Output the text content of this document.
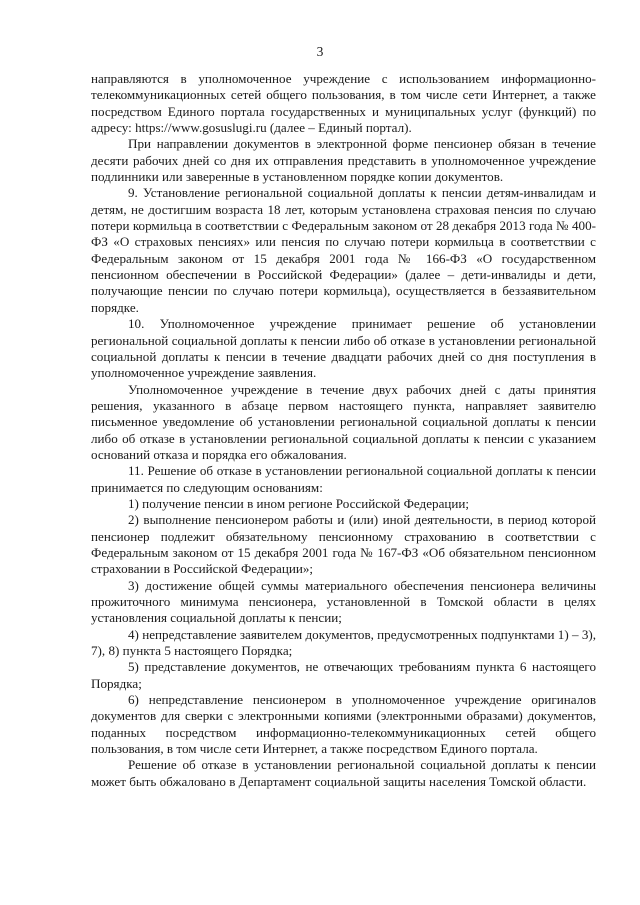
3

направляются в уполномоченное учреждение с использованием информационно-телекоммуникационных сетей общего пользования, в том числе сети Интернет, а также посредством Единого портала государственных и муниципальных услуг (функций) по адресу: https://www.gosuslugi.ru (далее – Единый портал).

При направлении документов в электронной форме пенсионер обязан в течение десяти рабочих дней со дня их отправления представить в уполномоченное учреждение подлинники или заверенные в установленном порядке копии документов.

9. Установление региональной социальной доплаты к пенсии детям-инвалидам и детям, не достигшим возраста 18 лет, которым установлена страховая пенсия по случаю потери кормильца в соответствии с Федеральным законом от 28 декабря 2013 года № 400-ФЗ «О страховых пенсиях» или пенсия по случаю потери кормильца в соответствии с Федеральным законом от 15 декабря 2001 года № 166-ФЗ «О государственном пенсионном обеспечении в Российской Федерации» (далее – дети-инвалиды и дети, получающие пенсии по случаю потери кормильца), осуществляется в беззаявительном порядке.

10. Уполномоченное учреждение принимает решение об установлении региональной социальной доплаты к пенсии либо об отказе в установлении региональной социальной доплаты к пенсии в течение двадцати рабочих дней со дня поступления в уполномоченное учреждение заявления.

Уполномоченное учреждение в течение двух рабочих дней с даты принятия решения, указанного в абзаце первом настоящего пункта, направляет заявителю письменное уведомление об установлении региональной социальной доплаты к пенсии либо об отказе в установлении региональной социальной доплаты к пенсии с указанием оснований отказа и порядка его обжалования.

11. Решение об отказе в установлении региональной социальной доплаты к пенсии принимается по следующим основаниям:

1) получение пенсии в ином регионе Российской Федерации;

2) выполнение пенсионером работы и (или) иной деятельности, в период которой пенсионер подлежит обязательному пенсионному страхованию в соответствии с Федеральным законом от 15 декабря 2001 года № 167-ФЗ «Об обязательном пенсионном страховании в Российской Федерации»;

3) достижение общей суммы материального обеспечения пенсионера величины прожиточного минимума пенсионера, установленной в Томской области в целях установления социальной доплаты к пенсии;

4) непредставление заявителем документов, предусмотренных подпунктами 1) – 3), 7), 8) пункта 5 настоящего Порядка;

5) представление документов, не отвечающих требованиям пункта 6 настоящего Порядка;

6) непредставление пенсионером в уполномоченное учреждение оригиналов документов для сверки с электронными копиями (электронными образами) документов, поданных посредством информационно-телекоммуникационных сетей общего пользования, в том числе сети Интернет, а также посредством Единого портала.

Решение об отказе в установлении региональной социальной доплаты к пенсии может быть обжаловано в Департамент социальной защиты населения Томской области.
